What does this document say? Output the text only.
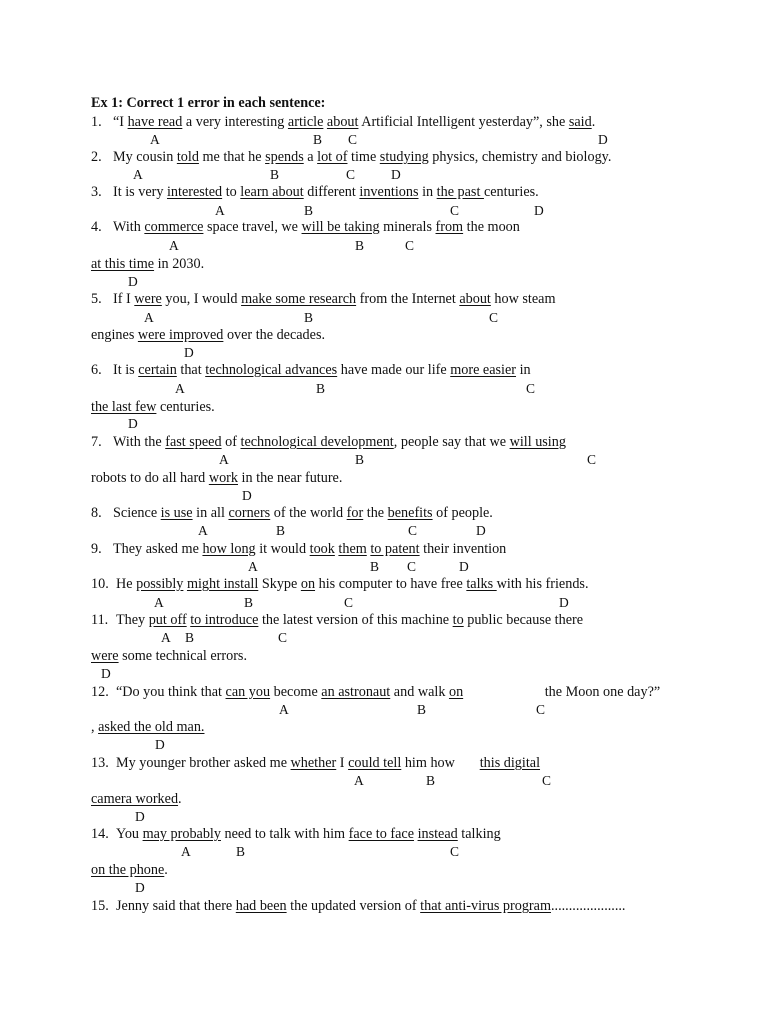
Ex 1: Correct 1 error in each sentence:
1. “I have read a very interesting article about Artificial Intelligent yesterday”, she said.
2. My cousin told me that he spends a lot of time studying physics, chemistry and biology.
3. It is very interested to learn about different inventions in the past centuries.
4. With commerce space travel, we will be taking minerals from the moon
at this time in 2030.
5. If I were you, I would make some research from the Internet about how steam
engines were improved over the decades.
6. It is certain that technological advances have made our life more easier in
the last few centuries.
7. With the fast speed of technological development, people say that we will using
robots to do all hard work in the near future.
8. Science is use in all corners of the world for the benefits of people.
9. They asked me how long it would took them to patent their invention
10. He possibly might install Skype on his computer to have free talks with his friends.
11. They put off to introduce the latest version of this machine to public because there
were some technical errors.
12. “Do you think that can you become an astronaut and walk on                       the Moon one day?”
, asked the old man.
13. My younger brother asked me whether I could tell him how       this digital
camera worked.
14. You may probably need to talk with him face to face instead talking
on the phone.
15. Jenny said that there had been the updated version of that anti-virus program.....................
A	B C	D
A	B	C	D
A	B	C	D
A	B	C
D
A	B	C
D
A	B	C
D
A	B	C
D
A	B	C	D
A	B C	D
A	B	C	D
A B	C
D
A	B	C
D
A	B	C
D
A	B	C
D
